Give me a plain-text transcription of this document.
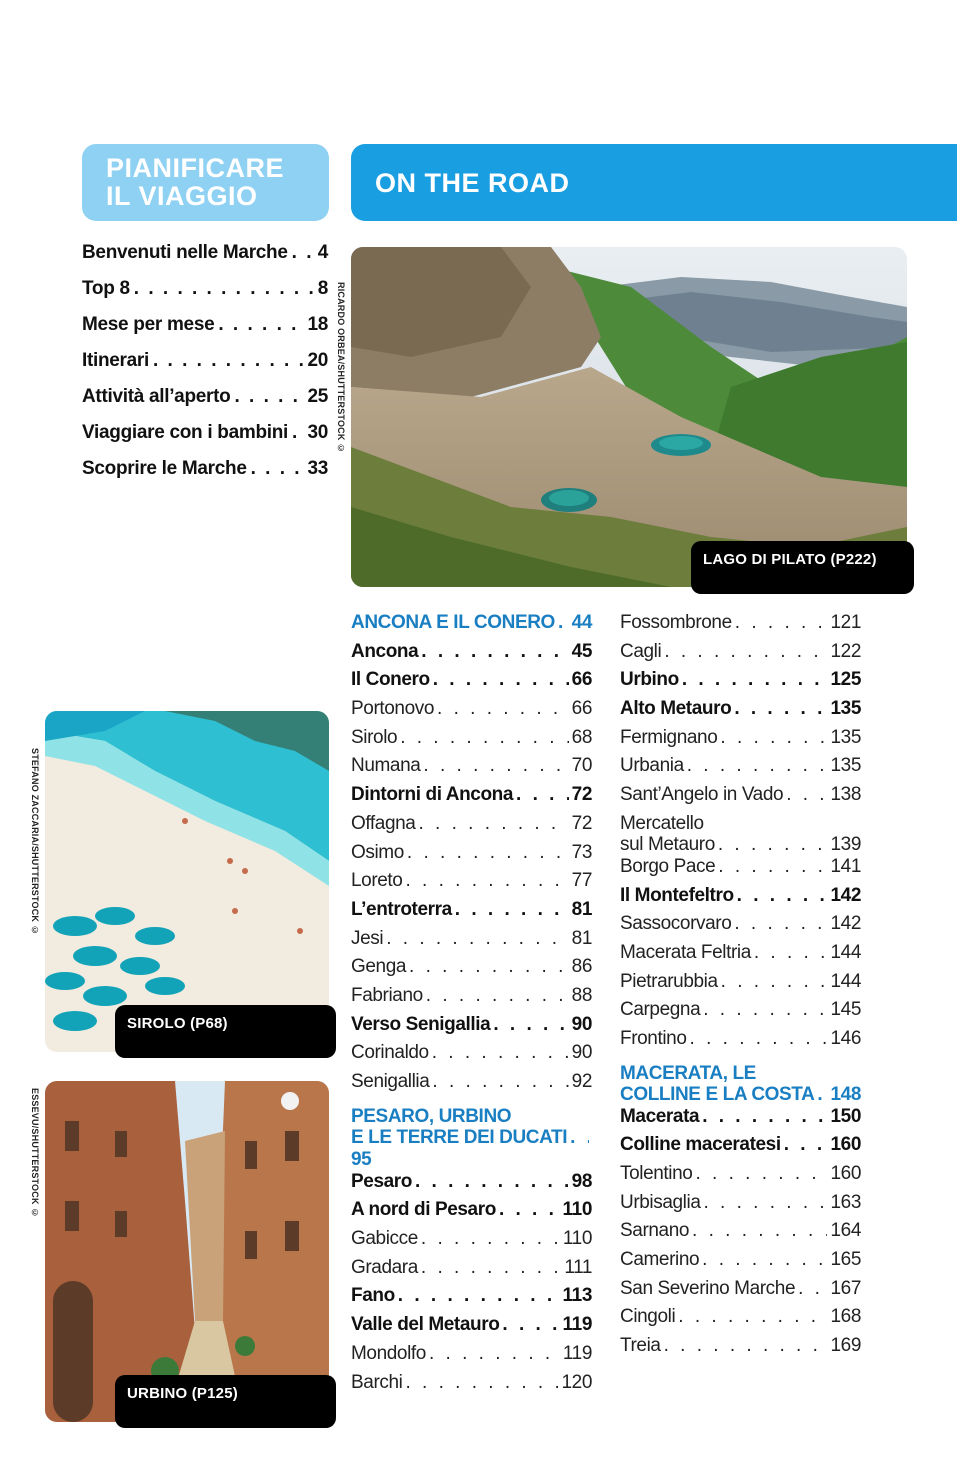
PIANIFICARE
IL VIAGGIO	ON THE ROAD
Benvenuti nelle Marche . . . 4
Top 8 . . .	8
Mese per mese . . .	18
Itinerari . . .	20
Attività all’aperto . . .	25
Viaggiare con i bambini . . . 30
Scoprire le Marche . . .	33
RICARDO ORBEA/SHUTTERSTOCK ©
LAGO DI PILATO (P222)
STEFANO ZACCARIA/SHUTTERSTOCK ©
SIROLO (P68)
ESSEVU/SHUTTERSTOCK ©
URBINO (P125)
ANCONA E IL CONERO . . . 44
Ancona . . .	45
Il Conero . . .	66
Portonovo . . .	66
Sirolo . . .	68
Numana . . .	70
Dintorni di Ancona . . .	72
Offagna . . .	72
Osimo . . .	73
Loreto . . .	77
L’entroterra . . .	81
Jesi . . .	81
Genga . . .	86
Fabriano . . .	88
Verso Senigallia . . .	90
Corinaldo . . .	90
Senigallia . . .	92
PESARO, URBINO
E LE TERRE DEI DUCATI
. . .
95
Pesaro . . .	98
A nord di Pesaro . . .	110
Gabicce . . .	110
Gradara . . .	111
Fano . . .	113
Valle del Metauro . . .	119
Mondolfo . . .	119
Barchi . . .	120
Fossombrone . . .	121
Cagli . . .	122
Urbino . . .	125
Alto Metauro . . .	135
Fermignano . . .	135
Urbania . . .	135
Sant’Angelo in Vado . . . 138
Mercatello
sul Metauro . . .	139
Borgo Pace . . .	141
Il Montefeltro . . .	142
Sassocorvaro . . .	142
Macerata Feltria . . .	144
Pietrarubbia . . .	144
Carpegna . . .	145
Frontino . . .	146
MACERATA, LE
COLLINE E LA COSTA
. . . 148
Macerata . . .	150
Colline maceratesi . . .	160
Tolentino . . .	160
Urbisaglia . . .	163
Sarnano . . .	164
Camerino . . .	165
San Severino Marche . . . 167
Cingoli . . .	168
Treia . . .	169
